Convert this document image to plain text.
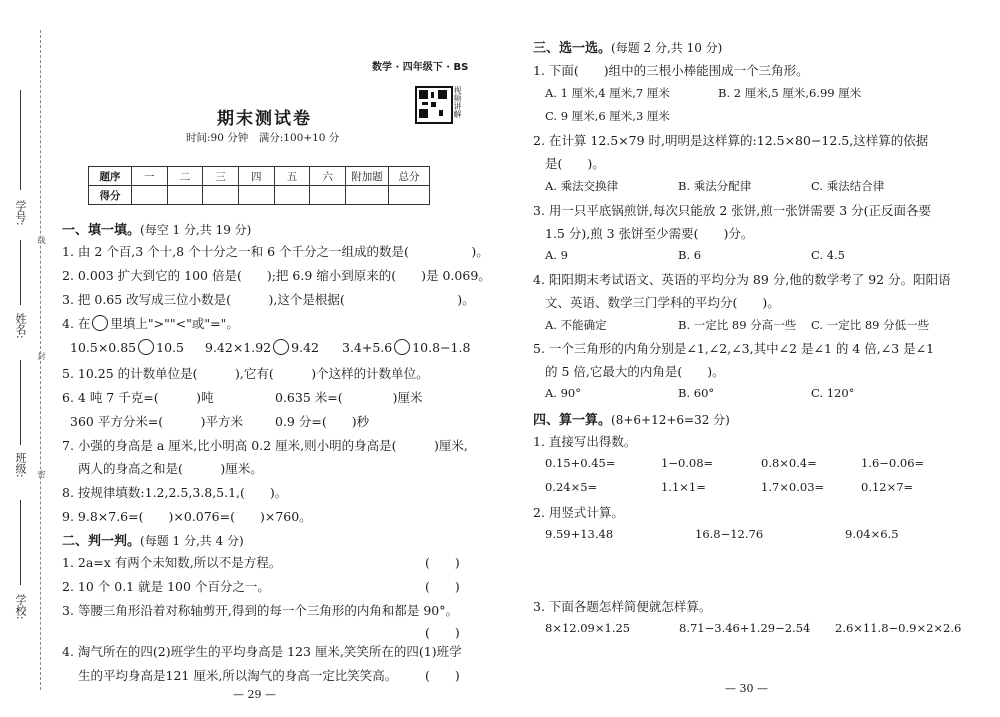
学号:
姓名:
班级:
学校:
线
封
密
数学 · 四年级下 · BS
视频讲解
期末测试卷
时间:90 分钟　满分:100+10 分
题序	一	二	三	四	五	六	附加题	总分
得分								
一、填一填。(每空 1 分,共 19 分)
1. 由 2 个百,3 个十,8 个十分之一和 6 个千分之一组成的数是(　　　　　)。
2. 0.003 扩大到它的 100 倍是(　　);把 6.9 缩小到原来的(　　)是 0.069。
3. 把 0.65 改写成三位小数是(　　　),这个是根据(　　　　　　　　　)。
4. 在 里填上">""<"或"="。
10.5×0.85 10.5 9.42×1.92 9.42 3.4+5.6 10.8−1.8
5. 10.25 的计数单位是(　　　),它有(　　　)个这样的计数单位。
6. 4 吨 7 千克=(　　　)吨	0.635 米=(　　　　)厘米
360 平方分米=(　　　)平方米	0.9 分=(　　)秒
7. 小强的身高是 a 厘米,比小明高 0.2 厘米,则小明的身高是(　　　)厘米,
两人的身高之和是(　　　)厘米。
8. 按规律填数:1.2,2.5,3.8,5.1,(　　)。
9. 9.8×7.6=(　　)×0.076=(　　)×760。
二、判一判。(每题 1 分,共 4 分)
1. 2a=x 有两个未知数,所以不是方程。	(　　)
2. 10 个 0.1 就是 100 个百分之一。	(　　)
3. 等腰三角形沿着对称轴剪开,得到的每一个三角形的内角和都是 90°。
(　　)
4. 淘气所在的四(2)班学生的平均身高是 123 厘米,笑笑所在的四(1)班学
生的平均身高是121 厘米,所以淘气的身高一定比笑笑高。 (　　)
— 29 —
三、选一选。(每题 2 分,共 10 分)
1. 下面(　　)组中的三根小棒能围成一个三角形。
A. 1 厘米,4 厘米,7 厘米	B. 2 厘米,5 厘米,6.99 厘米
C. 9 厘米,6 厘米,3 厘米
2. 在计算 12.5×79 时,明明是这样算的:12.5×80−12.5,这样算的依据
是(　　)。
A. 乘法交换律	B. 乘法分配律	C. 乘法结合律
3. 用一只平底锅煎饼,每次只能放 2 张饼,煎一张饼需要 3 分(正反面各要
1.5 分),煎 3 张饼至少需要(　　)分。
A. 9	B. 6	C. 4.5
4. 阳阳期末考试语文、英语的平均分为 89 分,他的数学考了 92 分。阳阳语
文、英语、数学三门学科的平均分(　　)。
A. 不能确定	B. 一定比 89 分高一些 C. 一定比 89 分低一些
5. 一个三角形的内角分别是∠1,∠2,∠3,其中∠2 是∠1 的 4 倍,∠3 是∠1
的 5 倍,它最大的内角是(　　)。
A. 90°	B. 60°	C. 120°
四、算一算。(8+6+12+6=32 分)
1. 直接写出得数。
0.15+0.45=	1−0.08=	0.8×0.4=	1.6−0.06=
0.24×5=	1.1×1=	1.7×0.03=	0.12×7=
2. 用竖式计算。
9.59+13.48	16.8−12.76	9.04×6.5
3. 下面各题怎样简便就怎样算。
8×12.09×1.25	8.71−3.46+1.29−2.54 2.6×11.8−0.9×2×2.6
— 30 —
